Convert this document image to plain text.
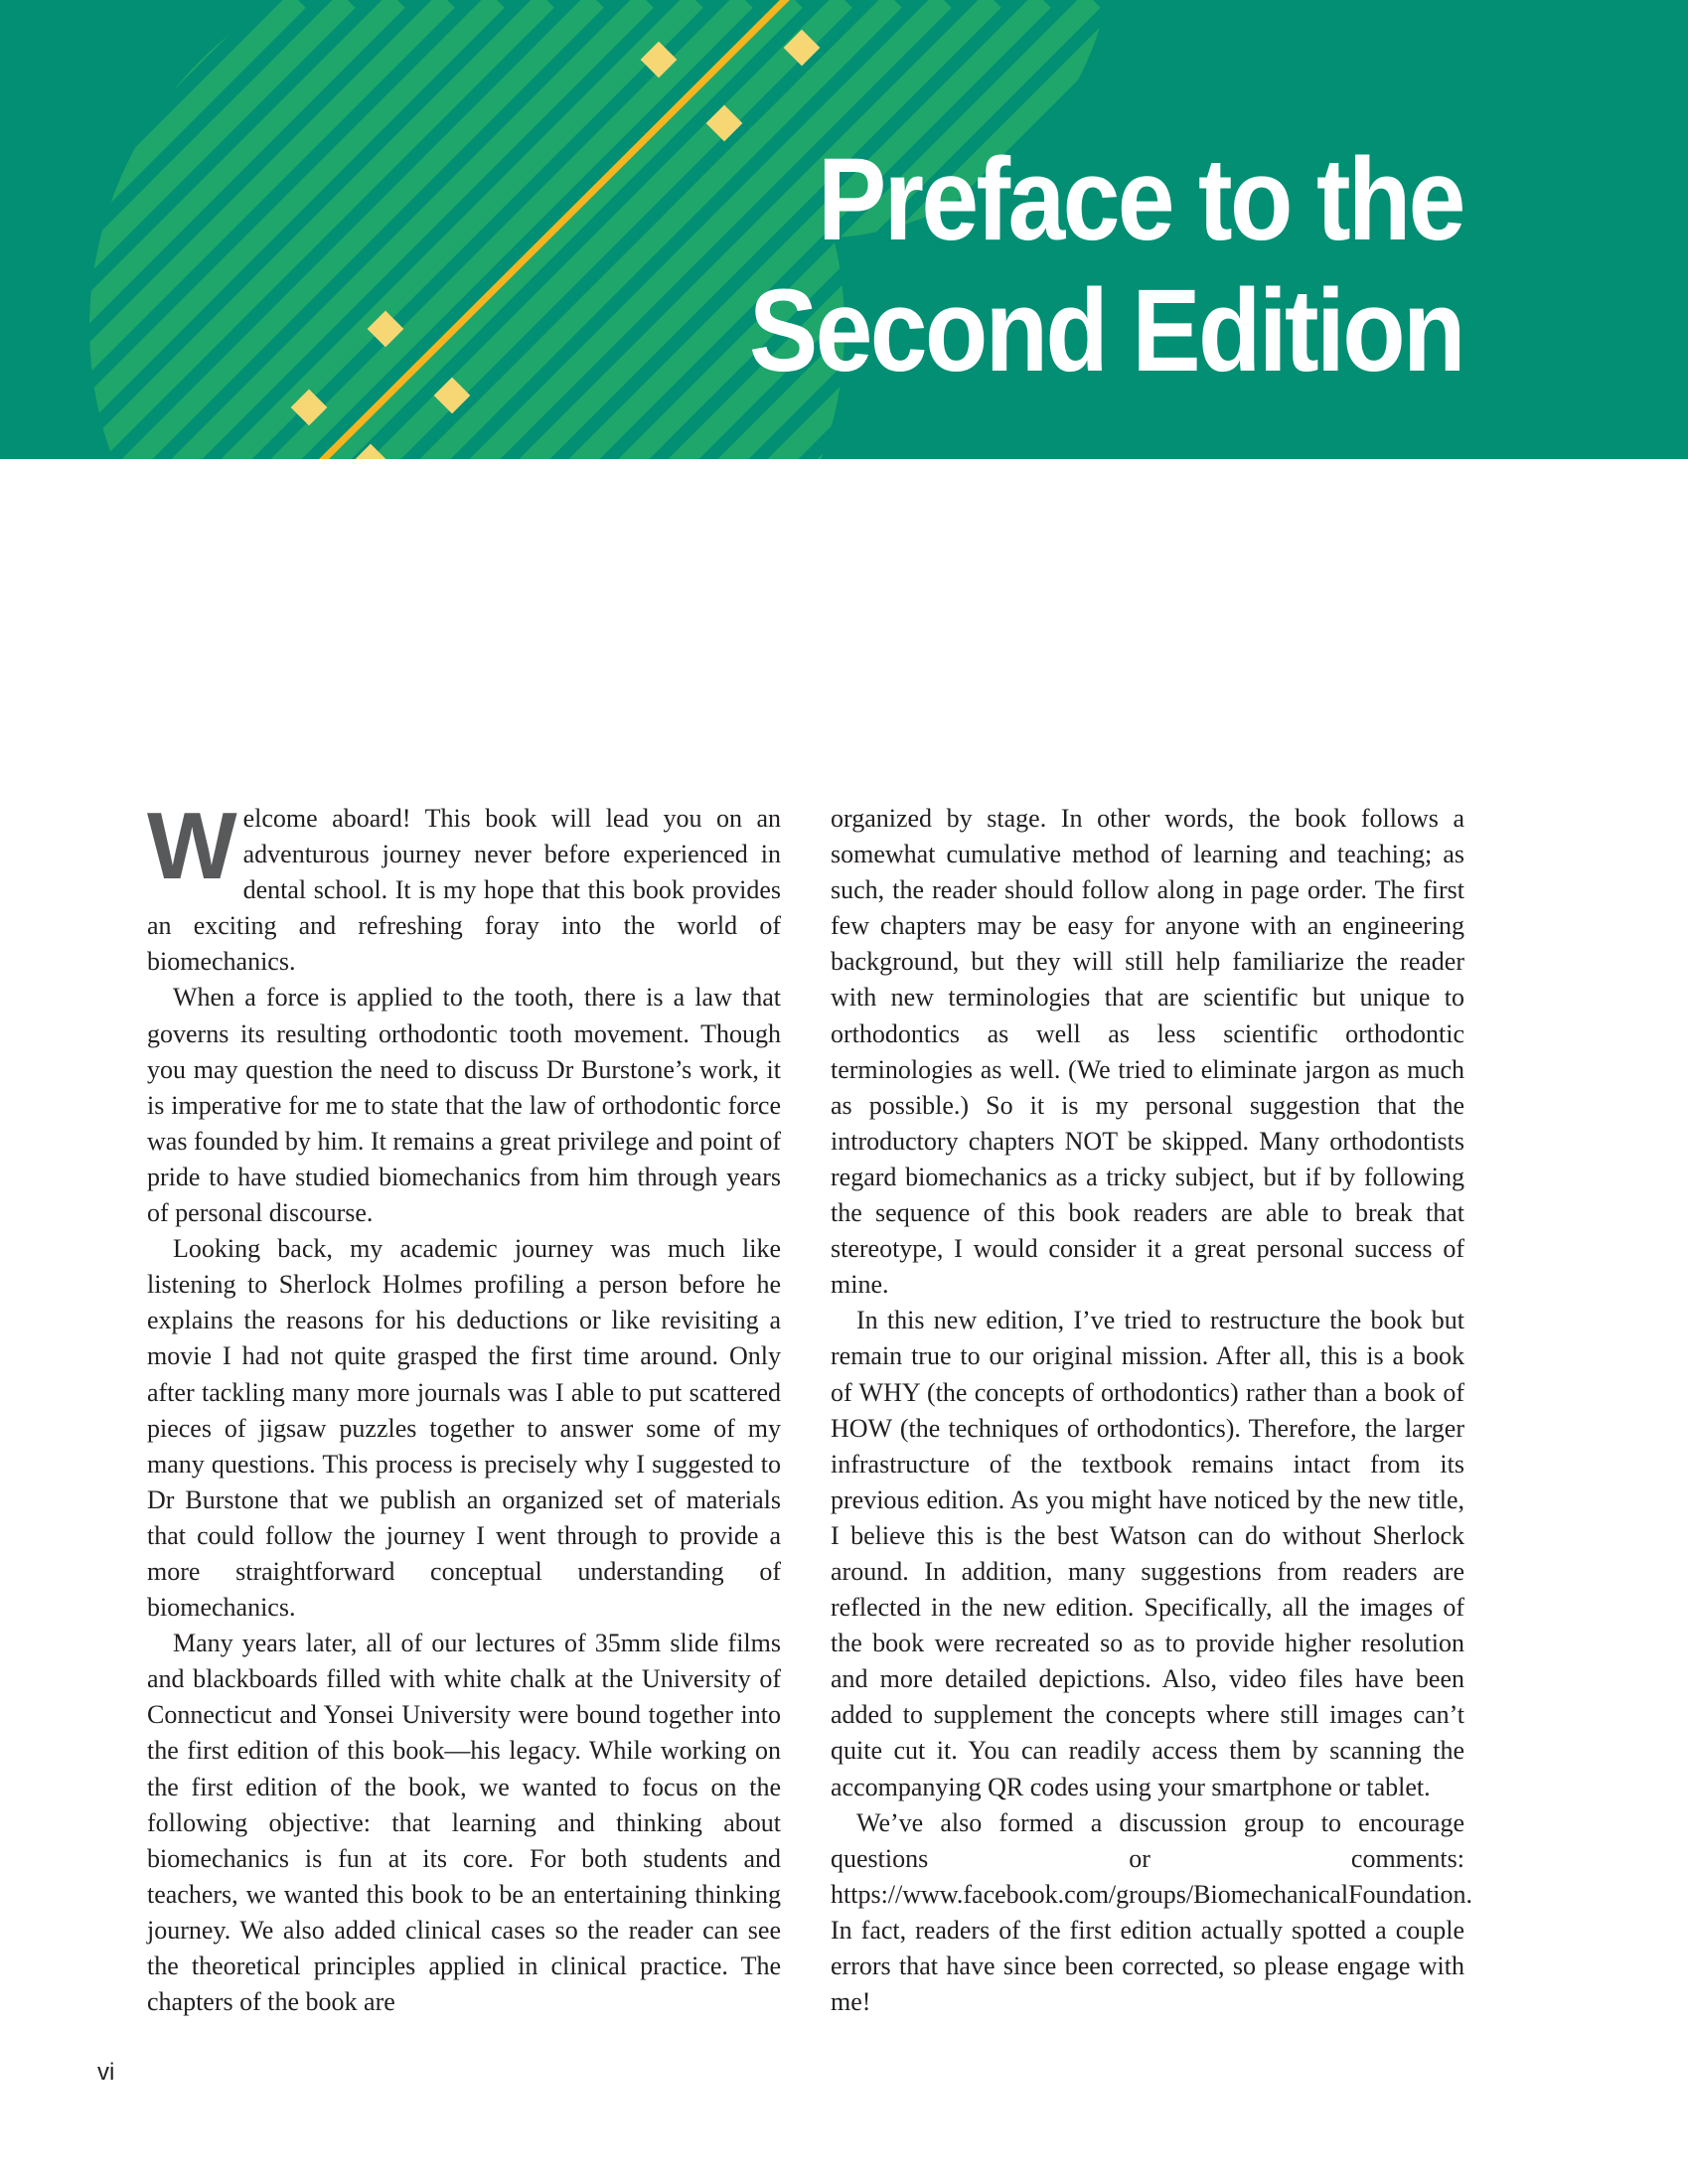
Preface to the
Second Edition

Welcome aboard! This book will lead you on an adventurous journey never before experienced in dental school. It is my hope that this book provides an exciting and refreshing foray into the world of biomechanics.

When a force is applied to the tooth, there is a law that governs its resulting orthodontic tooth movement. Though you may question the need to discuss Dr Burstone’s work, it is imperative for me to state that the law of orthodontic force was founded by him. It remains a great privilege and point of pride to have studied biomechanics from him through years of personal discourse.

Looking back, my academic journey was much like listening to Sherlock Holmes profiling a person before he explains the reasons for his deductions or like revisiting a movie I had not quite grasped the first time around. Only after tackling many more journals was I able to put scattered pieces of jigsaw puzzles together to answer some of my many questions. This process is precisely why I suggested to Dr Burstone that we publish an organized set of materials that could follow the journey I went through to provide a more straightforward conceptual understanding of biomechanics.

Many years later, all of our lectures of 35mm slide films and blackboards filled with white chalk at the University of Connecticut and Yonsei University were bound together into the first edition of this book—his legacy. While working on the first edition of the book, we wanted to focus on the following objective: that learning and thinking about biomechanics is fun at its core. For both students and teachers, we wanted this book to be an entertaining thinking journey. We also added clinical cases so the reader can see the theoretical principles applied in clinical practice. The chapters of the book are

organized by stage. In other words, the book follows a somewhat cumulative method of learning and teaching; as such, the reader should follow along in page order. The first few chapters may be easy for anyone with an engineering background, but they will still help familiarize the reader with new terminologies that are scientific but unique to orthodontics as well as less scientific orthodontic terminologies as well. (We tried to eliminate jargon as much as possible.) So it is my personal suggestion that the introductory chapters NOT be skipped. Many orthodontists regard biomechanics as a tricky subject, but if by following the sequence of this book readers are able to break that stereotype, I would consider it a great personal success of mine.

In this new edition, I’ve tried to restructure the book but remain true to our original mission. After all, this is a book of WHY (the concepts of orthodontics) rather than a book of HOW (the techniques of orthodontics). Therefore, the larger infrastructure of the textbook remains intact from its previous edition. As you might have noticed by the new title, I believe this is the best Watson can do without Sherlock around. In addition, many suggestions from readers are reflected in the new edition. Specifically, all the images of the book were recreated so as to provide higher resolution and more detailed depictions. Also, video files have been added to supplement the concepts where still images can’t quite cut it. You can readily access them by scanning the accompanying QR codes using your smartphone or tablet.

We’ve also formed a discussion group to encourage questions or comments: https://www.facebook.com/groups/BiomechanicalFoundation. In fact, readers of the first edition actually spotted a couple errors that have since been corrected, so please engage with me!

vi
